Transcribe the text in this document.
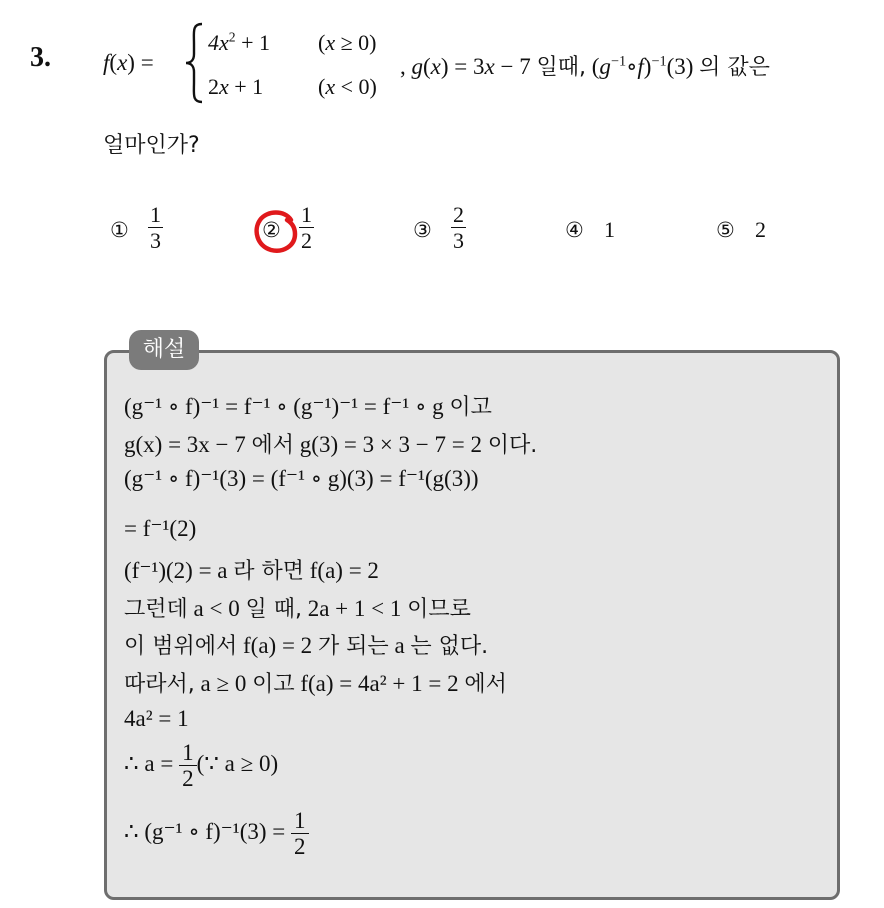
3. f(x) =
$4x^2 + 1$ (x ≥ 0)
2x + 1 (x < 0)
, g(x) = 3x − 7 일때, $(g^{-1}\circ f)^{-1}(3)$ 의 값은
얼마인가?
① $\frac{1}{3}$	② $\frac{1}{2}$	③ $\frac{2}{3}$	④ 1	⑤ 2
해설
(g⁻¹ ∘ f)⁻¹ = f⁻¹ ∘ (g⁻¹)⁻¹ = f⁻¹ ∘ g 이고
g(x) = 3x − 7 에서 g(3) = 3 × 3 − 7 = 2 이다.
(g⁻¹ ∘ f)⁻¹(3) = (f⁻¹ ∘ g)(3) = f⁻¹(g(3))
= f⁻¹(2)
(f⁻¹)(2) = a 라 하면 f(a) = 2
그런데 a < 0 일 때, 2a + 1 < 1 이므로
이 범위에서 f(a) = 2 가 되는 a 는 없다.
따라서, a ≥ 0 이고 f(a) = 4a² + 1 = 2 에서
4a² = 1
∴ $a = \frac{1}{2}$ (∵ a ≥ 0)
∴ (g⁻¹ ∘ $f)^{-1}(3) = \frac{1}{2}$
